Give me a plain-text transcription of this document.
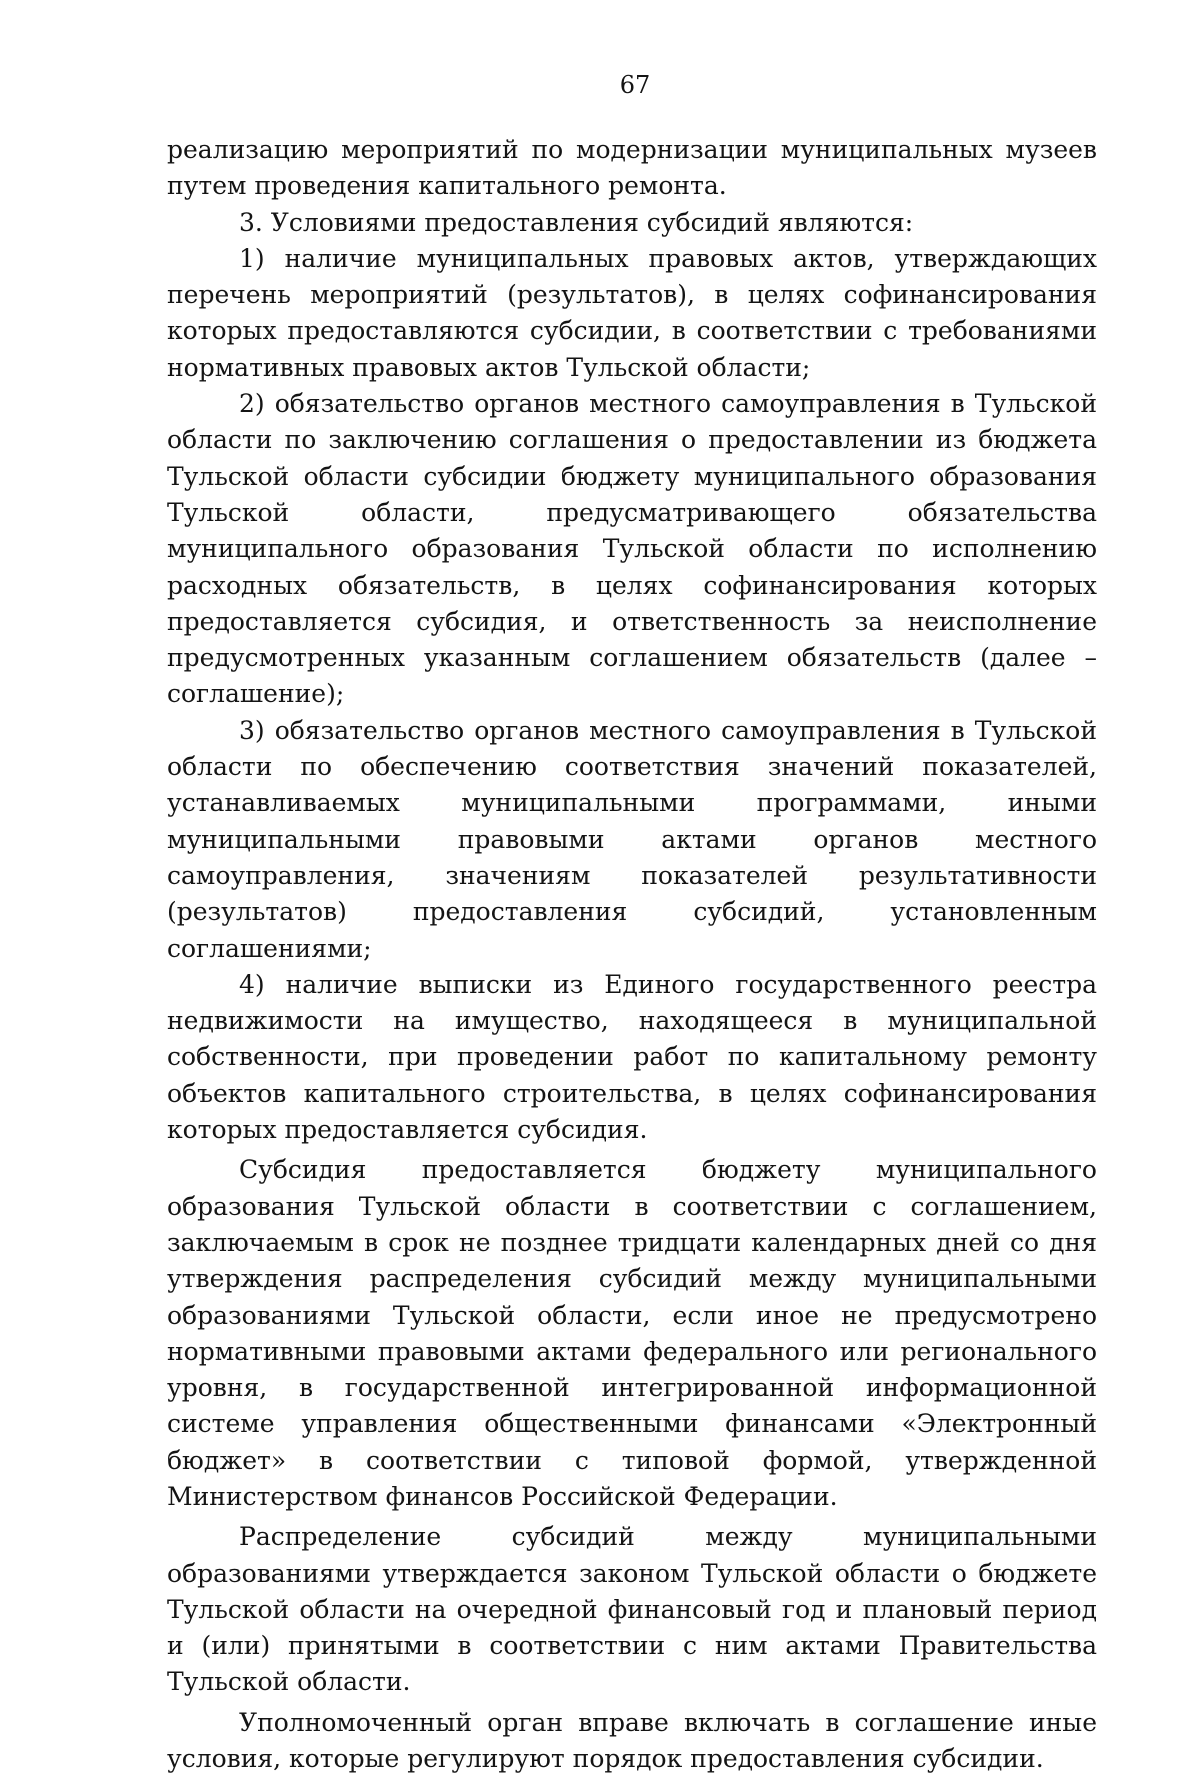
67

реализацию мероприятий по модернизации муниципальных музеев путем проведения капитального ремонта.

3. Условиями предоставления субсидий являются:

1) наличие муниципальных правовых актов, утверждающих перечень мероприятий (результатов), в целях софинансирования которых предоставляются субсидии, в соответствии с требованиями нормативных правовых актов Тульской области;

2) обязательство органов местного самоуправления в Тульской области по заключению соглашения о предоставлении из бюджета Тульской области субсидии бюджету муниципального образования Тульской области, предусматривающего обязательства муниципального образования Тульской области по исполнению расходных обязательств, в целях софинансирования которых предоставляется субсидия, и ответственность за неисполнение предусмотренных указанным соглашением обязательств (далее – соглашение);

3) обязательство органов местного самоуправления в Тульской области по обеспечению соответствия значений показателей, устанавливаемых муниципальными программами, иными муниципальными правовыми актами органов местного самоуправления, значениям показателей результативности (результатов) предоставления субсидий, установленным соглашениями;

4) наличие выписки из Единого государственного реестра недвижимости на имущество, находящееся в муниципальной собственности, при проведении работ по капитальному ремонту объектов капитального строительства, в целях софинансирования которых предоставляется субсидия.

Субсидия предоставляется бюджету муниципального образования Тульской области в соответствии с соглашением, заключаемым в срок не позднее тридцати календарных дней со дня утверждения распределения субсидий между муниципальными образованиями Тульской области, если иное не предусмотрено нормативными правовыми актами федерального или регионального уровня, в государственной интегрированной информационной системе управления общественными финансами «Электронный бюджет» в соответствии с типовой формой, утвержденной Министерством финансов Российской Федерации.

Распределение субсидий между муниципальными образованиями утверждается законом Тульской области о бюджете Тульской области на очередной финансовый год и плановый период и (или) принятыми в соответствии с ним актами Правительства Тульской области.

Уполномоченный орган вправе включать в соглашение иные условия, которые регулируют порядок предоставления субсидии.
